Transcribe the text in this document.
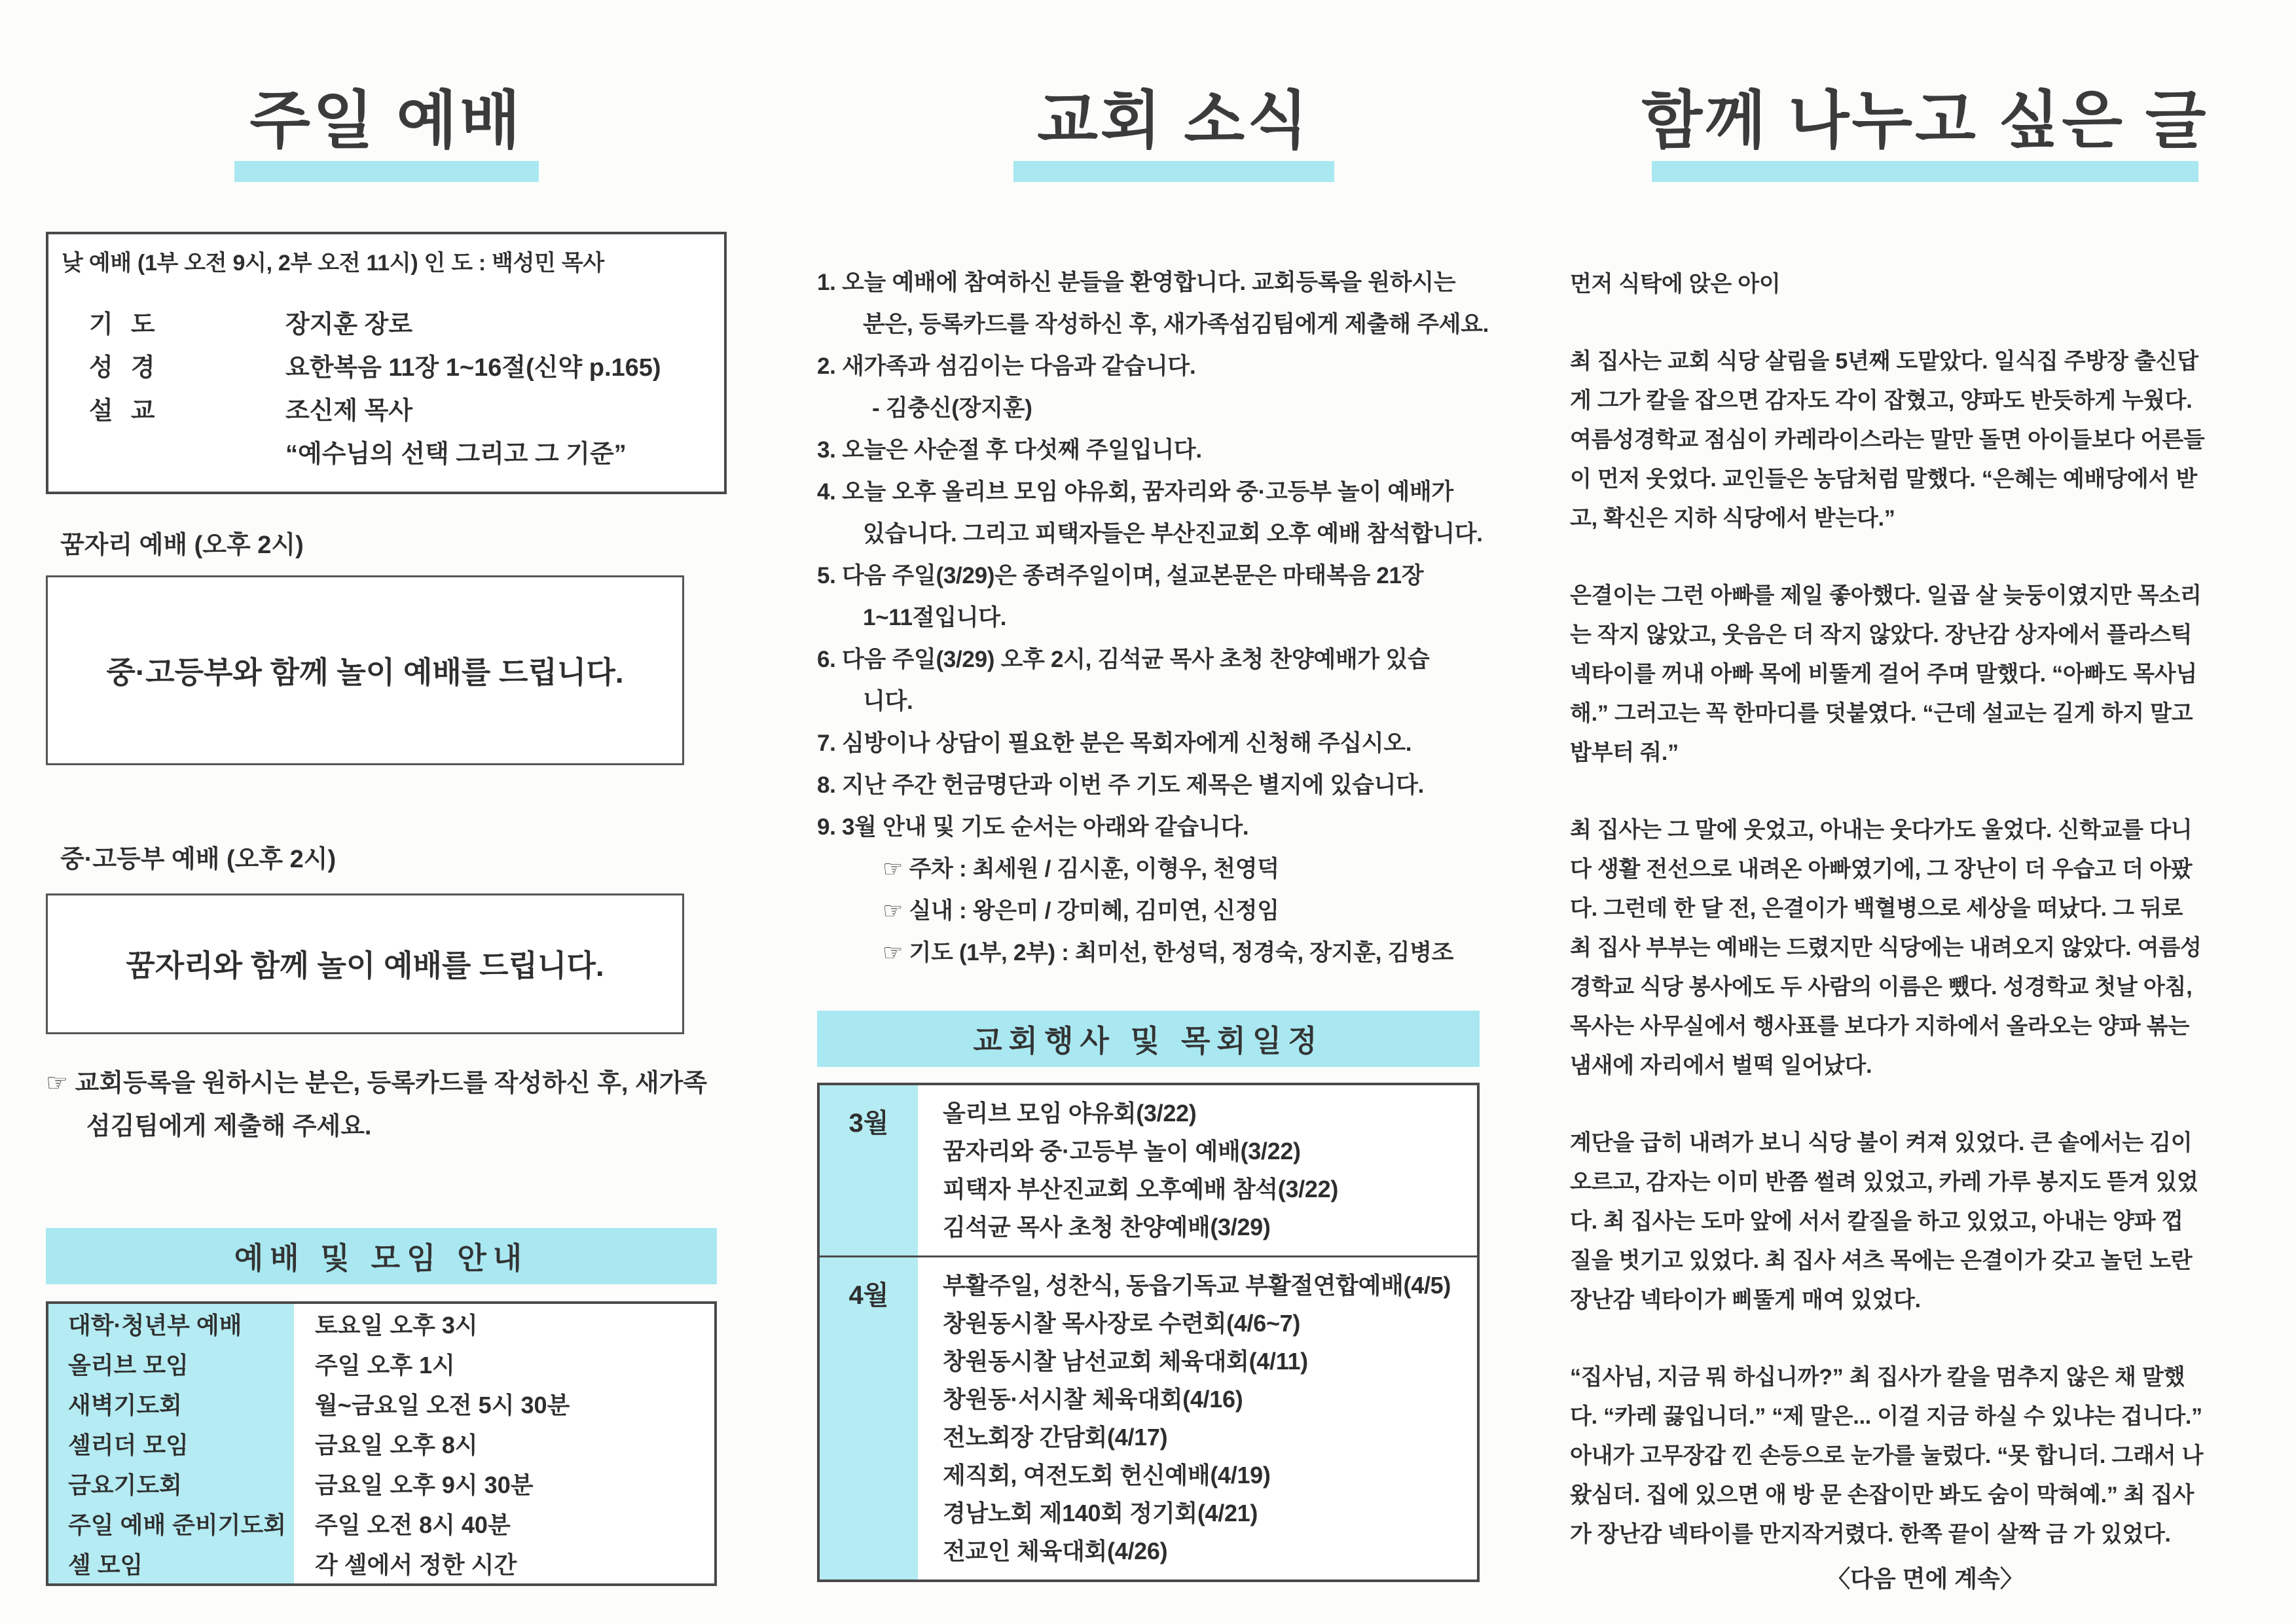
주일 예배
낮 예배 (1부 오전 9시, 2부 오전 11시) 인 도 : 백성민 목사
기  도	장지훈 장로
성  경	요한복음 11장 1~16절(신약 p.165)
설  교	조신제 목사
“예수님의 선택 그리고 그 기준”
꿈자리 예배 (오후 2시)
중·고등부와 함께 놀이 예배를 드립니다.
중·고등부 예배 (오후 2시)
꿈자리와 함께 놀이 예배를 드립니다.
☞ 교회등록을 원하시는 분은, 등록카드를 작성하신 후, 새가족
섬김팀에게 제출해 주세요.
예배 및 모임 안내
대학·청년부 예배	토요일 오후 3시
올리브 모임	주일 오후 1시
새벽기도회	월~금요일 오전 5시 30분
셀리더 모임	금요일 오후 8시
금요기도회	금요일 오후 9시 30분
주일 예배 준비기도회	주일 오전 8시 40분
셀 모임	각 셀에서 정한 시간
교회 소식
1. 오늘 예배에 참여하신 분들을 환영합니다. 교회등록을 원하시는
분은, 등록카드를 작성하신 후, 새가족섬김팀에게 제출해 주세요.
2. 새가족과 섬김이는 다음과 같습니다.
- 김충신(장지훈)
3. 오늘은 사순절 후 다섯째 주일입니다.
4. 오늘 오후 올리브 모임 야유회, 꿈자리와 중·고등부 놀이 예배가
있습니다. 그리고 피택자들은 부산진교회 오후 예배 참석합니다.
5. 다음 주일(3/29)은 종려주일이며, 설교본문은 마태복음 21장
1~11절입니다.
6. 다음 주일(3/29) 오후 2시, 김석균 목사 초청 찬양예배가 있습
니다.
7. 심방이나 상담이 필요한 분은 목회자에게 신청해 주십시오.
8. 지난 주간 헌금명단과 이번 주 기도 제목은 별지에 있습니다.
9. 3월 안내 및 기도 순서는 아래와 같습니다.
☞ 주차 : 최세원 / 김시훈, 이형우, 천영덕
☞ 실내 : 왕은미 / 강미혜, 김미연, 신정임
☞ 기도 (1부, 2부) : 최미선, 한성덕, 정경숙, 장지훈, 김병조
교회행사 및 목회일정
3월	올리브 모임 야유회(3/22)
꿈자리와 중·고등부 놀이 예배(3/22)
피택자 부산진교회 오후예배 참석(3/22)
김석균 목사 초청 찬양예배(3/29)
4월	부활주일, 성찬식, 동읍기독교 부활절연합예배(4/5)
창원동시찰 목사장로 수련회(4/6~7)
창원동시찰 남선교회 체육대회(4/11)
창원동·서시찰 체육대회(4/16)
전노회장 간담회(4/17)
제직회, 여전도회 헌신예배(4/19)
경남노회 제140회 정기회(4/21)
전교인 체육대회(4/26)
함께 나누고 싶은 글
먼저 식탁에 앉은 아이
최 집사는 교회 식당 살림을 5년째 도맡았다. 일식집 주방장 출신답
게 그가 칼을 잡으면 감자도 각이 잡혔고, 양파도 반듯하게 누웠다.
여름성경학교 점심이 카레라이스라는 말만 돌면 아이들보다 어른들
이 먼저 웃었다. 교인들은 농담처럼 말했다. “은혜는 예배당에서 받
고, 확신은 지하 식당에서 받는다.”
은결이는 그런 아빠를 제일 좋아했다. 일곱 살 늦둥이였지만 목소리
는 작지 않았고, 웃음은 더 작지 않았다. 장난감 상자에서 플라스틱
넥타이를 꺼내 아빠 목에 비뚤게 걸어 주며 말했다. “아빠도 목사님
해.” 그러고는 꼭 한마디를 덧붙였다. “근데 설교는 길게 하지 말고
밥부터 줘.”
최 집사는 그 말에 웃었고, 아내는 웃다가도 울었다. 신학교를 다니
다 생활 전선으로 내려온 아빠였기에, 그 장난이 더 우습고 더 아팠
다. 그런데 한 달 전, 은결이가 백혈병으로 세상을 떠났다. 그 뒤로
최 집사 부부는 예배는 드렸지만 식당에는 내려오지 않았다. 여름성
경학교 식당 봉사에도 두 사람의 이름은 뺐다. 성경학교 첫날 아침,
목사는 사무실에서 행사표를 보다가 지하에서 올라오는 양파 볶는
냄새에 자리에서 벌떡 일어났다.
계단을 급히 내려가 보니 식당 불이 켜져 있었다. 큰 솥에서는 김이
오르고, 감자는 이미 반쯤 썰려 있었고, 카레 가루 봉지도 뜯겨 있었
다. 최 집사는 도마 앞에 서서 칼질을 하고 있었고, 아내는 양파 껍
질을 벗기고 있었다. 최 집사 셔츠 목에는 은결이가 갖고 놀던 노란
장난감 넥타이가 삐뚤게 매여 있었다.
“집사님, 지금 뭐 하십니까?” 최 집사가 칼을 멈추지 않은 채 말했
다. “카레 끓입니더.” “제 말은... 이걸 지금 하실 수 있냐는 겁니다.”
아내가 고무장갑 낀 손등으로 눈가를 눌렀다. “못 합니더. 그래서 나
왔심더. 집에 있으면 애 방 문 손잡이만 봐도 숨이 막혀예.” 최 집사
가 장난감 넥타이를 만지작거렸다. 한쪽 끝이 살짝 금 가 있었다.
〈다음 면에 계속〉
